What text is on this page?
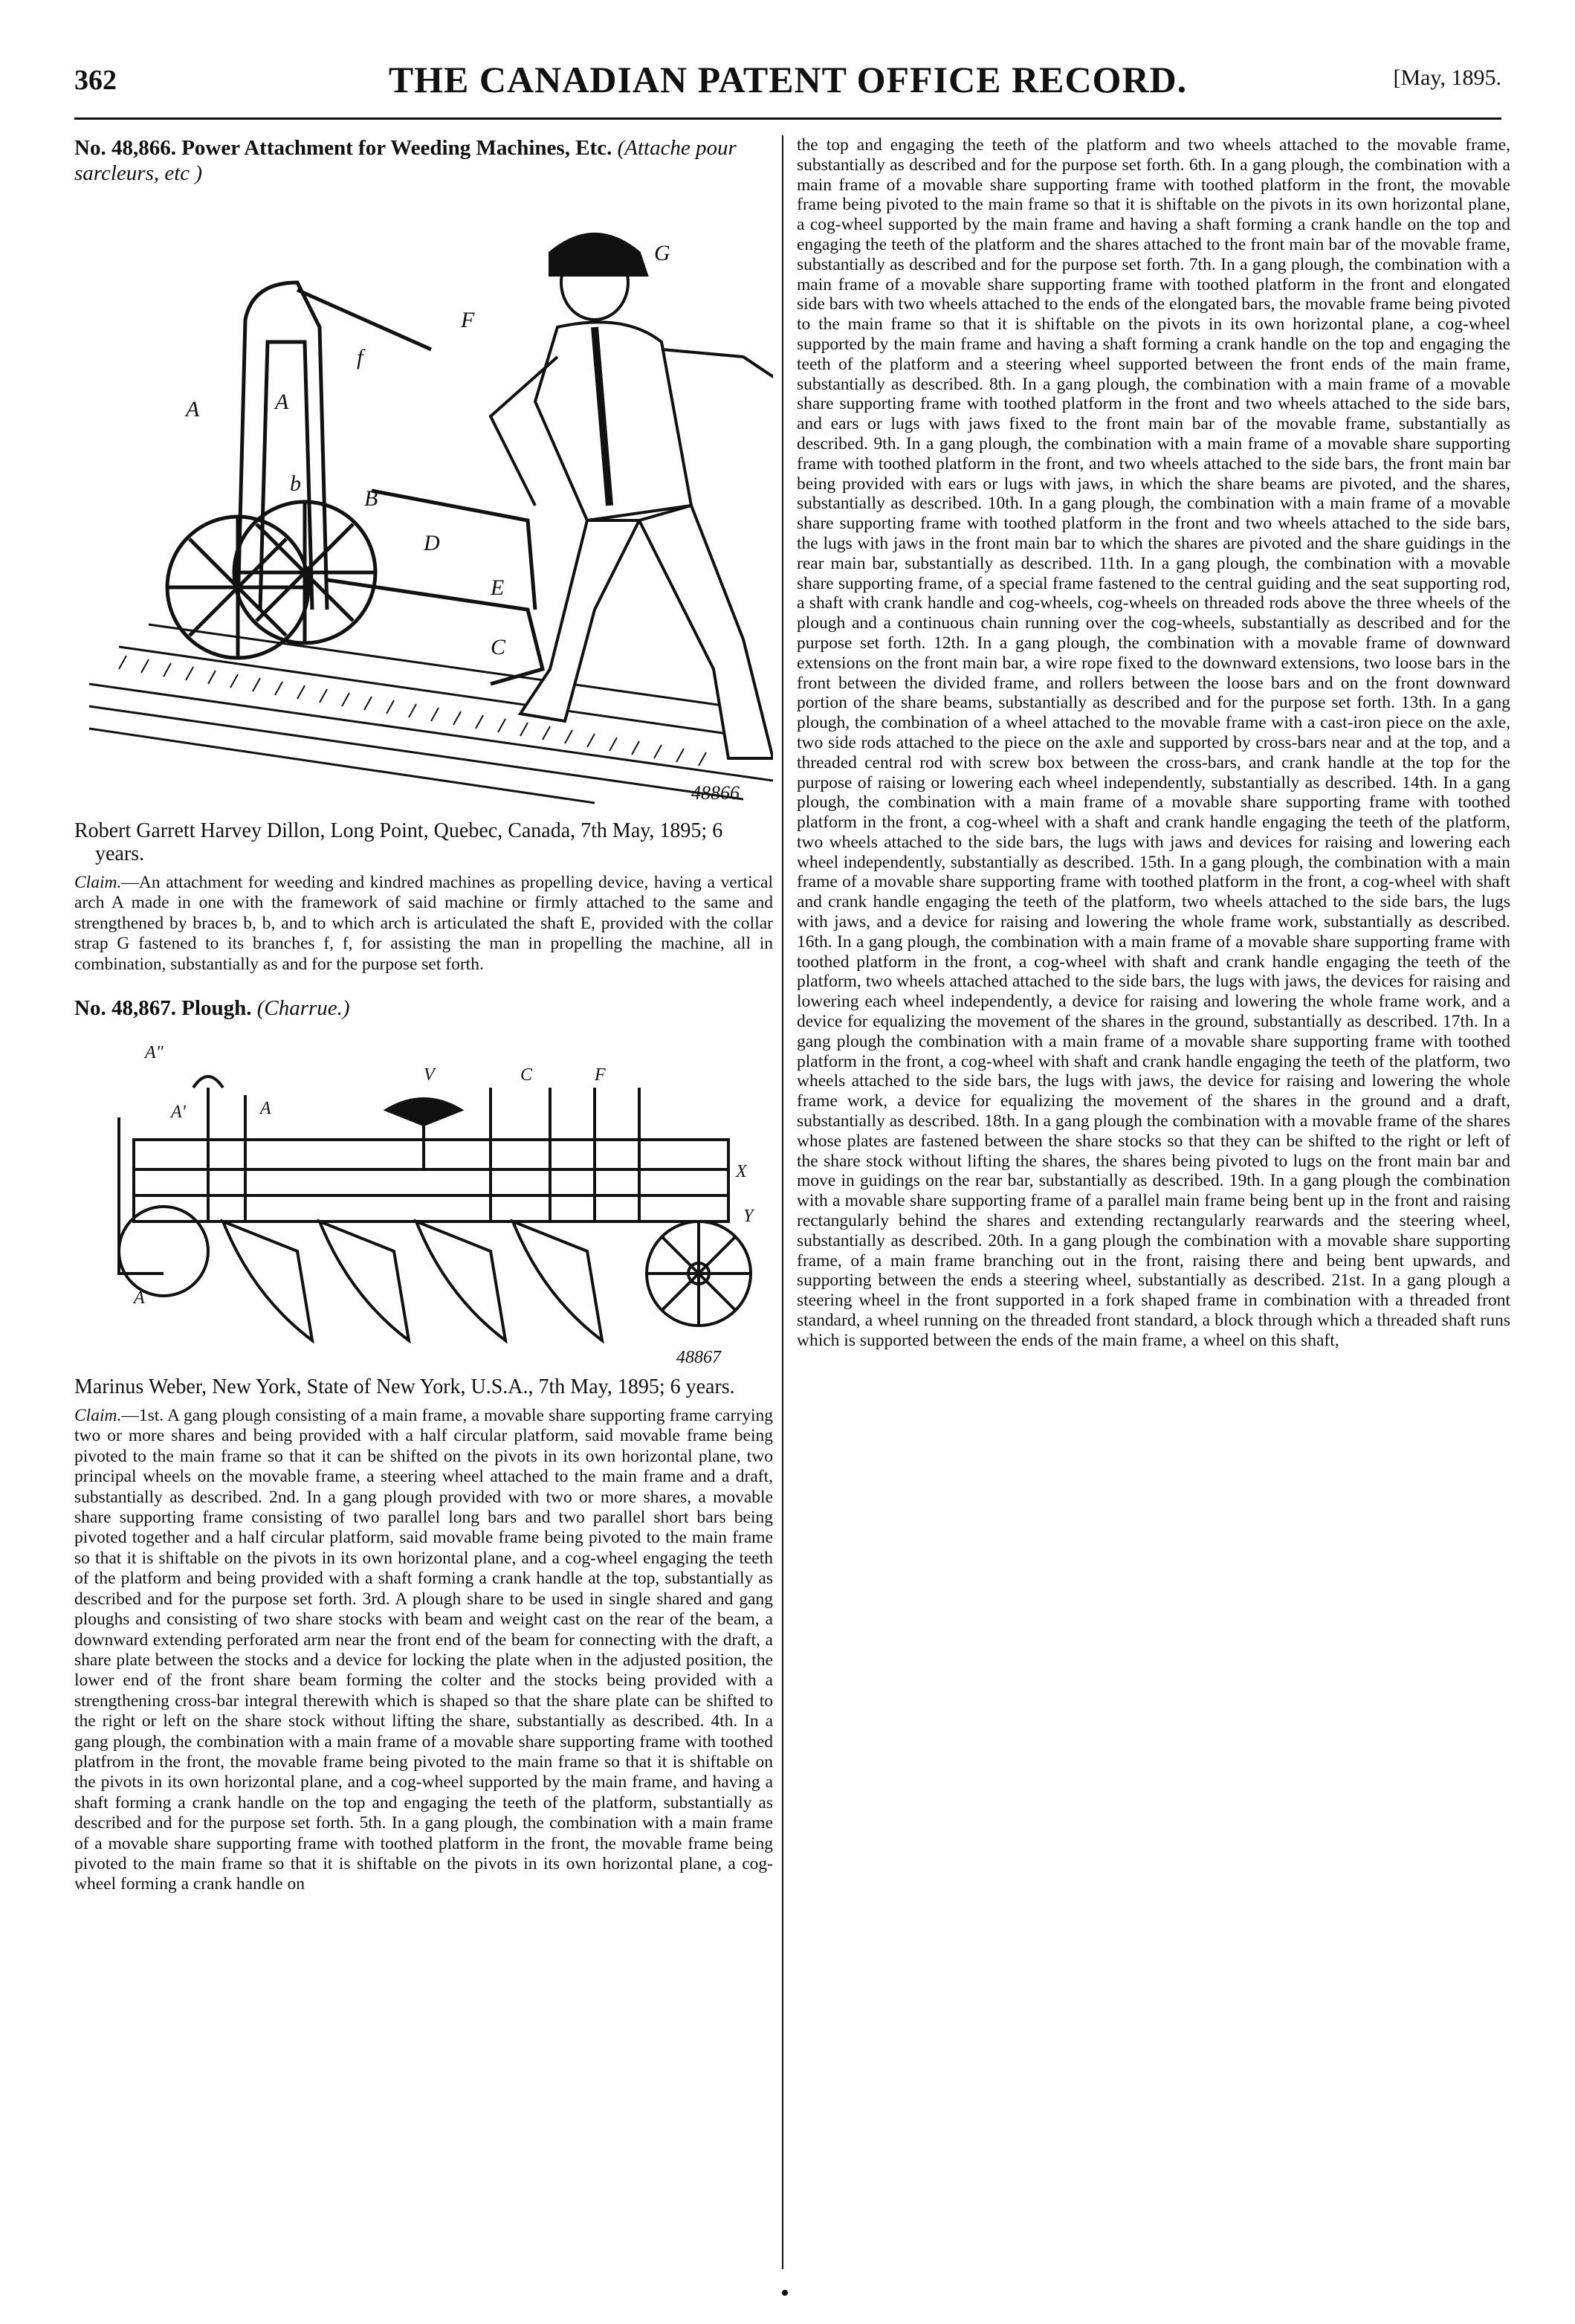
362	THE CANADIAN PATENT OFFICE RECORD.	[May, 1895.

No. 48,866. Power Attachment for Weeding Machines, Etc. (Attache pour sarcleurs, etc )

A	A
f
F
G
b
B
D
E
C
48866

Robert Garrett Harvey Dillon, Long Point, Quebec, Canada, 7th May, 1895; 6 years.

Claim.—An attachment for weeding and kindred machines as propelling device, having a vertical arch A made in one with the framework of said machine or firmly attached to the same and strengthened by braces b, b, and to which arch is articulated the shaft E, provided with the collar strap G fastened to its branches f, f, for assisting the man in propelling the machine, all in combination, substantially as and for the purpose set forth.

No. 48,867. Plough. (Charrue.)

A"
A'	A
V	C	F
X
Y
A
48867

Marinus Weber, New York, State of New York, U.S.A., 7th May, 1895; 6 years.

Claim.—1st. A gang plough consisting of a main frame, a movable share supporting frame carrying two or more shares and being provided with a half circular platform, said movable frame being pivoted to the main frame so that it can be shifted on the pivots in its own horizontal plane, two principal wheels on the movable frame, a steering wheel attached to the main frame and a draft, substantially as described. 2nd. In a gang plough provided with two or more shares, a movable share supporting frame consisting of two parallel long bars and two parallel short bars being pivoted together and a half circular platform, said movable frame being pivoted to the main frame so that it is shiftable on the pivots in its own horizontal plane, and a cog-wheel engaging the teeth of the platform and being provided with a shaft forming a crank handle at the top, substantially as described and for the purpose set forth. 3rd. A plough share to be used in single shared and gang ploughs and consisting of two share stocks with beam and weight cast on the rear of the beam, a downward extending perforated arm near the front end of the beam for connecting with the draft, a share plate between the stocks and a device for locking the plate when in the adjusted position, the lower end of the front share beam forming the colter and the stocks being provided with a strengthening cross-bar integral therewith which is shaped so that the share plate can be shifted to the right or left on the share stock without lifting the share, substantially as described. 4th. In a gang plough, the combination with a main frame of a movable share supporting frame with toothed platfrom in the front, the movable frame being pivoted to the main frame so that it is shiftable on the pivots in its own horizontal plane, and a cog-wheel supported by the main frame, and having a shaft forming a crank handle on the top and engaging the teeth of the platform, substantially as described and for the purpose set forth. 5th. In a gang plough, the combination with a main frame of a movable share supporting frame with toothed platform in the front, the movable frame being pivoted to the main frame so that it is shiftable on the pivots in its own horizontal plane, a cog-wheel forming a crank handle on

the top and engaging the teeth of the platform and two wheels attached to the movable frame, substantially as described and for the purpose set forth. 6th. In a gang plough, the combination with a main frame of a movable share supporting frame with toothed platform in the front, the movable frame being pivoted to the main frame so that it is shiftable on the pivots in its own horizontal plane, a cog-wheel supported by the main frame and having a shaft forming a crank handle on the top and engaging the teeth of the platform and the shares attached to the front main bar of the movable frame, substantially as described and for the purpose set forth. 7th. In a gang plough, the combination with a main frame of a movable share supporting frame with toothed platform in the front and elongated side bars with two wheels attached to the ends of the elongated bars, the movable frame being pivoted to the main frame so that it is shiftable on the pivots in its own horizontal plane, a cog-wheel supported by the main frame and having a shaft forming a crank handle on the top and engaging the teeth of the platform and a steering wheel supported between the front ends of the main frame, substantially as described. 8th. In a gang plough, the combination with a main frame of a movable share supporting frame with toothed platform in the front and two wheels attached to the side bars, and ears or lugs with jaws fixed to the front main bar of the movable frame, substantially as described. 9th. In a gang plough, the combination with a main frame of a movable share supporting frame with toothed platform in the front, and two wheels attached to the side bars, the front main bar being provided with ears or lugs with jaws, in which the share beams are pivoted, and the shares, substantially as described. 10th. In a gang plough, the combination with a main frame of a movable share supporting frame with toothed platform in the front and two wheels attached to the side bars, the lugs with jaws in the front main bar to which the shares are pivoted and the share guidings in the rear main bar, substantially as described. 11th. In a gang plough, the combination with a movable share supporting frame, of a special frame fastened to the central guiding and the seat supporting rod, a shaft with crank handle and cog-wheels, cog-wheels on threaded rods above the three wheels of the plough and a continuous chain running over the cog-wheels, substantially as described and for the purpose set forth. 12th. In a gang plough, the combination with a movable frame of downward extensions on the front main bar, a wire rope fixed to the downward extensions, two loose bars in the front between the divided frame, and rollers between the loose bars and on the front downward portion of the share beams, substantially as described and for the purpose set forth. 13th. In a gang plough, the combination of a wheel attached to the movable frame with a cast-iron piece on the axle, two side rods attached to the piece on the axle and supported by cross-bars near and at the top, and a threaded central rod with screw box between the cross-bars, and crank handle at the top for the purpose of raising or lowering each wheel independently, substantially as described. 14th. In a gang plough, the combination with a main frame of a movable share supporting frame with toothed platform in the front, a cog-wheel with a shaft and crank handle engaging the teeth of the platform, two wheels attached to the side bars, the lugs with jaws and devices for raising and lowering each wheel independently, substantially as described. 15th. In a gang plough, the combination with a main frame of a movable share supporting frame with toothed platform in the front, a cog-wheel with shaft and crank handle engaging the teeth of the platform, two wheels attached to the side bars, the lugs with jaws, and a device for raising and lowering the whole frame work, substantially as described. 16th. In a gang plough, the combination with a main frame of a movable share supporting frame with toothed platform in the front, a cog-wheel with shaft and crank handle engaging the teeth of the platform, two wheels attached attached to the side bars, the lugs with jaws, the devices for raising and lowering each wheel independently, a device for raising and lowering the whole frame work, and a device for equalizing the movement of the shares in the ground, substantially as described. 17th. In a gang plough the combination with a main frame of a movable share supporting frame with toothed platform in the front, a cog-wheel with shaft and crank handle engaging the teeth of the platform, two wheels attached to the side bars, the lugs with jaws, the device for raising and lowering the whole frame work, a device for equalizing the movement of the shares in the ground and a draft, substantially as described. 18th. In a gang plough the combination with a movable frame of the shares whose plates are fastened between the share stocks so that they can be shifted to the right or left of the share stock without lifting the shares, the shares being pivoted to lugs on the front main bar and move in guidings on the rear bar, substantially as described. 19th. In a gang plough the combination with a movable share supporting frame of a parallel main frame being bent up in the front and raising rectangularly behind the shares and extending rectangularly rearwards and the steering wheel, substantially as described. 20th. In a gang plough the combination with a movable share supporting frame, of a main frame branching out in the front, raising there and being bent upwards, and supporting between the ends a steering wheel, substantially as described. 21st. In a gang plough a steering wheel in the front supported in a fork shaped frame in combination with a threaded front standard, a wheel running on the threaded front standard, a block through which a threaded shaft runs which is supported between the ends of the main frame, a wheel on this shaft,
